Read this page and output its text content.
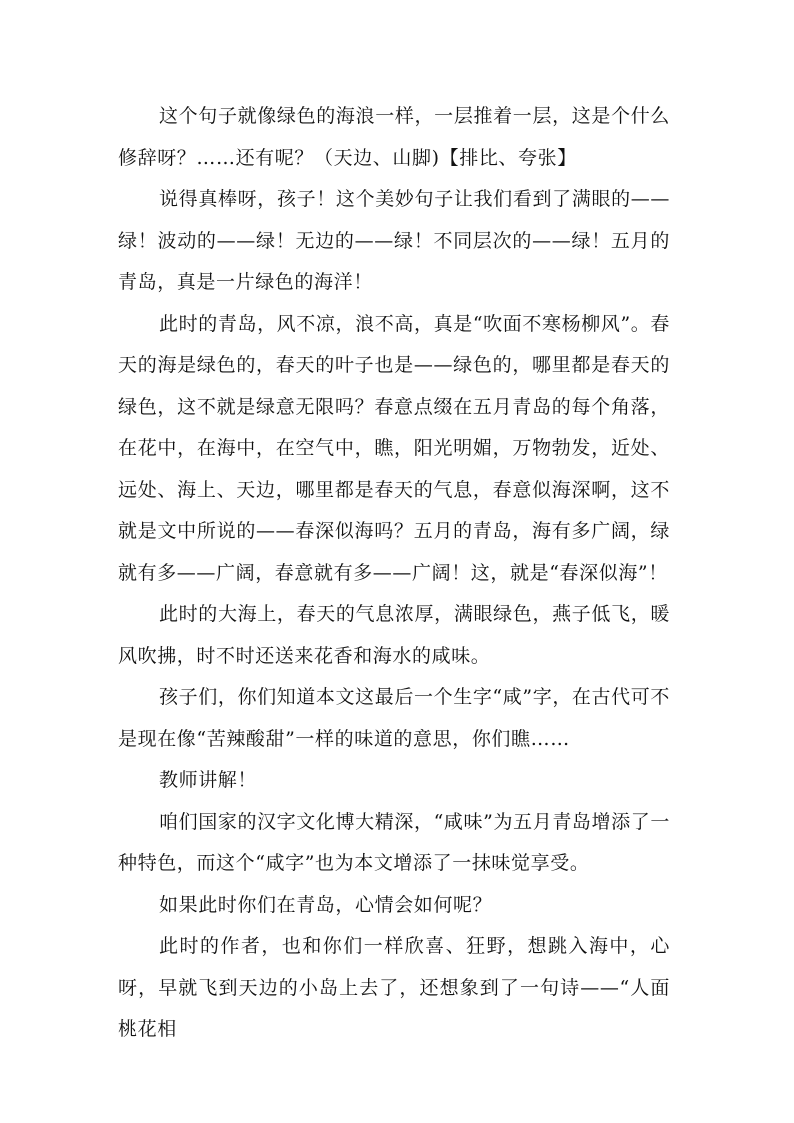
这个句子就像绿色的海浪一样，一层推着一层，这是个什么修辞呀？……还有呢？（天边、山脚)【排比、夸张】

说得真棒呀，孩子！这个美妙句子让我们看到了满眼的——绿！波动的——绿！无边的——绿！不同层次的——绿！五月的青岛，真是一片绿色的海洋！

此时的青岛，风不凉，浪不高，真是“吹面不寒杨柳风”。春天的海是绿色的，春天的叶子也是——绿色的，哪里都是春天的绿色，这不就是绿意无限吗？春意点缀在五月青岛的每个角落，在花中，在海中，在空气中，瞧，阳光明媚，万物勃发，近处、远处、海上、天边，哪里都是春天的气息，春意似海深啊，这不就是文中所说的——春深似海吗？五月的青岛，海有多广阔，绿就有多——广阔，春意就有多——广阔！这，就是“春深似海”！

此时的大海上，春天的气息浓厚，满眼绿色，燕子低飞，暖风吹拂，时不时还送来花香和海水的咸味。

孩子们，你们知道本文这最后一个生字“咸”字，在古代可不是现在像“苦辣酸甜”一样的味道的意思，你们瞧……

教师讲解！

咱们国家的汉字文化博大精深，“咸味”为五月青岛增添了一种特色，而这个“咸字”也为本文增添了一抹味觉享受。

如果此时你们在青岛，心情会如何呢？

此时的作者，也和你们一样欣喜、狂野，想跳入海中，心呀，早就飞到天边的小岛上去了，还想象到了一句诗——“人面桃花相
